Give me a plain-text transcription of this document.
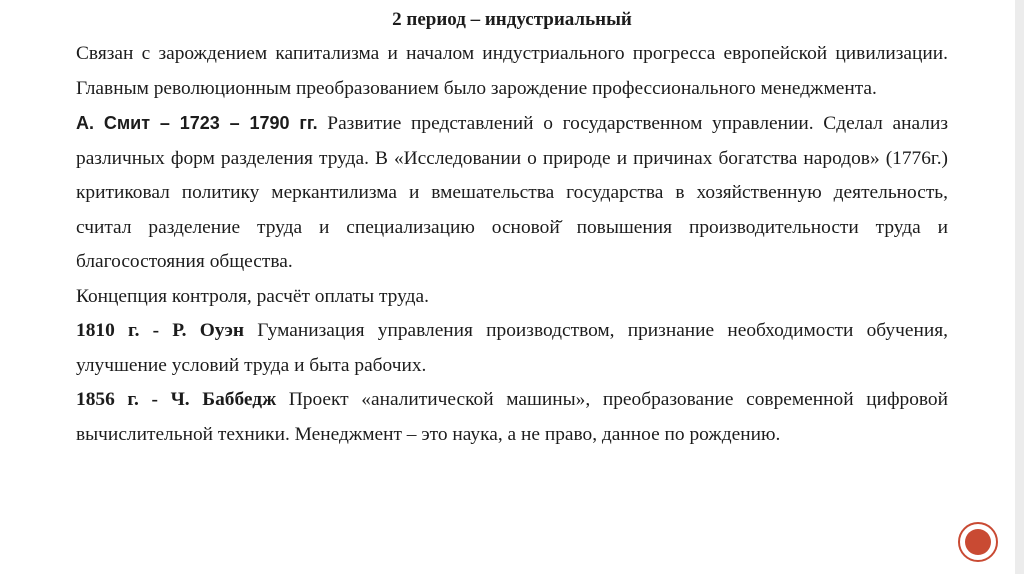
2 период – индустриальный

Связан с зарождением капитализма и началом индустриального прогресса европейской цивилизации. Главным революционным преобразованием было зарождение профессионального менеджмента.

А. Смит – 1723 – 1790 гг. Развитие представлений о государственном управлении. Сделал анализ различных форм разделения труда. В «Исследовании о природе и причинах богатства народов» (1776г.) критиковал политику меркантилизма и вмешательства государства в хозяйственную деятельность, считал разделение труда и специализацию основой̆ повышения производительности труда и благосостояния общества.

Концепция контроля, расчёт оплаты труда.

1810 г. - Р. Оуэн Гуманизация управления производством, признание необходимости обучения, улучшение условий труда и быта рабочих.

1856 г. - Ч. Баббедж Проект «аналитической машины», преобразование современной цифровой вычислительной техники. Менеджмент – это наука, а не право, данное по рождению.
